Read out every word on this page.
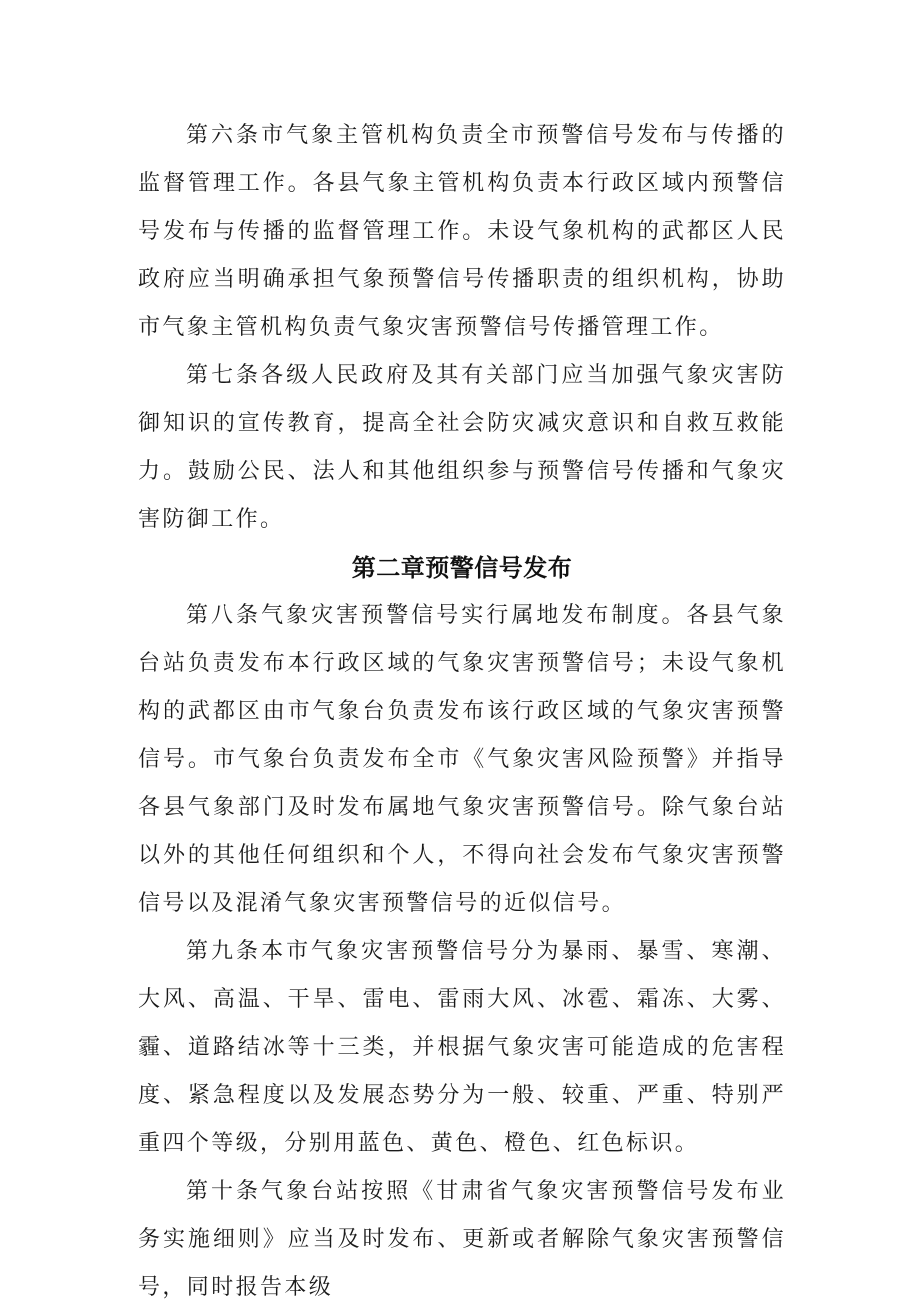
第六条市气象主管机构负责全市预警信号发布与传播的监督管理工作。各县气象主管机构负责本行政区域内预警信号发布与传播的监督管理工作。未设气象机构的武都区人民政府应当明确承担气象预警信号传播职责的组织机构，协助市气象主管机构负责气象灾害预警信号传播管理工作。

第七条各级人民政府及其有关部门应当加强气象灾害防御知识的宣传教育，提高全社会防灾减灾意识和自救互救能力。鼓励公民、法人和其他组织参与预警信号传播和气象灾害防御工作。

第二章预警信号发布

第八条气象灾害预警信号实行属地发布制度。各县气象台站负责发布本行政区域的气象灾害预警信号；未设气象机构的武都区由市气象台负责发布该行政区域的气象灾害预警信号。市气象台负责发布全市《气象灾害风险预警》并指导各县气象部门及时发布属地气象灾害预警信号。除气象台站以外的其他任何组织和个人，不得向社会发布气象灾害预警信号以及混淆气象灾害预警信号的近似信号。

第九条本市气象灾害预警信号分为暴雨、暴雪、寒潮、大风、高温、干旱、雷电、雷雨大风、冰雹、霜冻、大雾、霾、道路结冰等十三类，并根据气象灾害可能造成的危害程度、紧急程度以及发展态势分为一般、较重、严重、特别严重四个等级，分别用蓝色、黄色、橙色、红色标识。

第十条气象台站按照《甘肃省气象灾害预警信号发布业务实施细则》应当及时发布、更新或者解除气象灾害预警信号，同时报告本级
